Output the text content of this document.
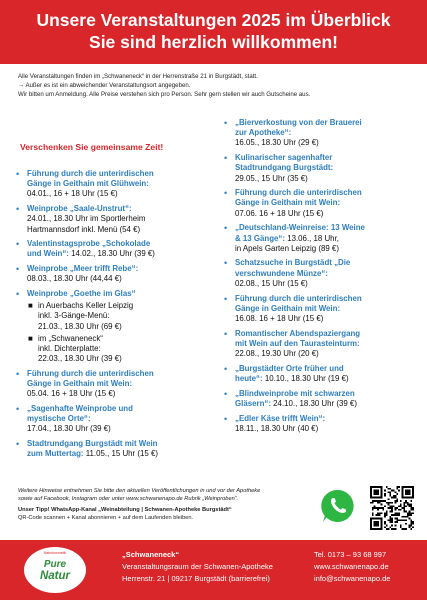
Unsere Veranstaltungen 2025 im Überblick
Sie sind herzlich willkommen!
Alle Veranstaltungen finden im „Schwaneneck“ in der Herrenstraße 21 in Burgstädt, statt.
→ Außer es ist ein abweichender Veranstaltungsort angegeben.
Wir bitten um Anmeldung. Alle Preise verstehen sich pro Person. Sehr gern stellen wir auch Gutscheine aus.
Verschenken Sie gemeinsame Zeit!
• Führung durch die unterirdischen
Gänge in Geithain mit Glühwein:
04.01., 16 + 18 Uhr (15 €)
• Weinprobe „Saale-Unstrut“:
24.01., 18.30 Uhr im Sportlerheim
Hartmannsdorf inkl. Menü (54 €)
• Valentinstagsprobe „Schokolade
und Wein“: 14.02., 18.30 Uhr (39 €)
• Weinprobe „Meer trifft Rebe“:
08.03., 18.30 Uhr (44,44 €)
• Weinprobe „Goethe im Glas“
■ in Auerbachs Keller Leipzig
inkl. 3-Gänge-Menü:
21.03., 18.30 Uhr (69 €)
■ im „Schwaneneck“
inkl. Dichterplatte:
22.03., 18.30 Uhr (39 €)
• Führung durch die unterirdischen
Gänge in Geithain mit Wein:
05.04. 16 + 18 Uhr (15 €)
• „Sagenhafte Weinprobe und
mystische Orte“:
17.04., 18.30 Uhr (39 €)
• Stadtrundgang Burgstädt mit Wein
zum Muttertag: 11.05., 15 Uhr (15 €)
• „Bierverkostung von der Brauerei
zur Apotheke“:
16.05., 18.30 Uhr (29 €)
• Kulinarischer sagenhafter
Stadtrundgang Burgstädt:
29.05., 15 Uhr (35 €)
• Führung durch die unterirdischen
Gänge in Geithain mit Wein:
07.06. 16 + 18 Uhr (15 €)
• „Deutschland-Weinreise: 13 Weine
& 13 Gänge“: 13.06., 18 Uhr,
in Apels Garten Leipzig (89 €)
• Schatzsuche in Burgstädt „Die
verschwundene Münze“:
02.08., 15 Uhr (15 €)
• Führung durch die unterirdischen
Gänge in Geithain mit Wein:
16.08. 16 + 18 Uhr (15 €)
• Romantischer Abendspaziergang
mit Wein auf den Taurasteinturm:
22.08., 19.30 Uhr (20 €)
• „Burgstädter Orte früher und
heute“: 10.10., 18.30 Uhr (19 €)
• „Blindweinprobe mit schwarzen
Gläsern“: 24.10., 18.30 Uhr (39 €)
• „Edler Käse trifft Wein“:
18.11., 18.30 Uhr (40 €)
Weitere Hinweise entnehmen Sie bitte den aktuellen Veröffentlichungen in und vor der Apotheke
sowie auf Facebook, Instagram oder unter www.schwanenapo.de Rubrik „Weinproben“.
Unser Tipp! WhatsApp-Kanal „Weinabteilung | Schwanen-Apotheke Burgstädt“
QR-Code scannen + Kanal abonnieren + auf dem Laufenden bleiben.
Naturkosmetik
Pure
Natur
„Schwaneneck“
Veranstaltungsraum der Schwanen-Apotheke
Herrenstr. 21 | 09217 Burgstädt (barrierefrei)
Tel. 0173 – 93 68 997
www.schwanenapo.de
info@schwanenapo.de
